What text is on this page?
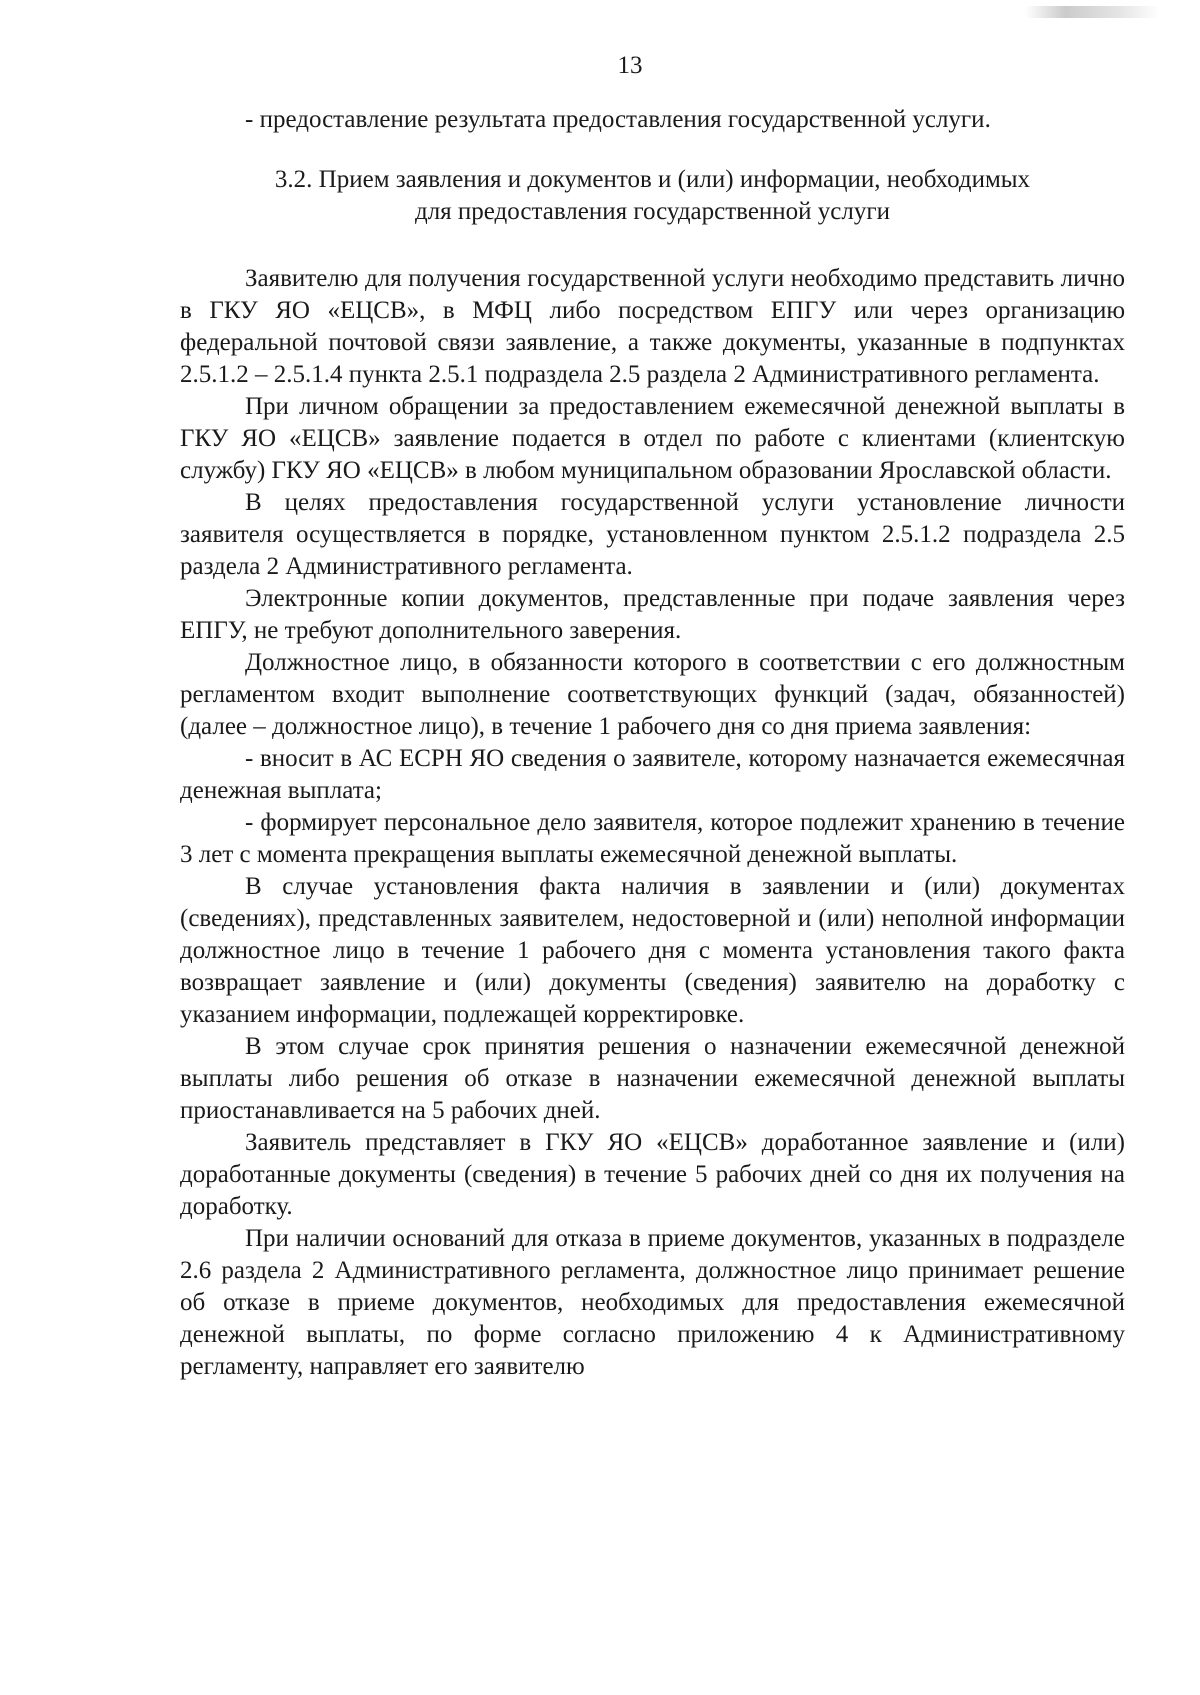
13

- предоставление результата предоставления государственной услуги.

3.2. Прием заявления и документов и (или) информации, необходимых
для предоставления государственной услуги

Заявителю для получения государственной услуги необходимо представить лично в ГКУ ЯО «ЕЦСВ», в МФЦ либо посредством ЕПГУ или через организацию федеральной почтовой связи заявление, а также документы, указанные в подпунктах 2.5.1.2 – 2.5.1.4 пункта 2.5.1 подраздела 2.5 раздела 2 Административного регламента.

При личном обращении за предоставлением ежемесячной денежной выплаты в ГКУ ЯО «ЕЦСВ» заявление подается в отдел по работе с клиентами (клиентскую службу) ГКУ ЯО «ЕЦСВ» в любом муниципальном образовании Ярославской области.

В целях предоставления государственной услуги установление личности заявителя осуществляется в порядке, установленном пунктом 2.5.1.2 подраздела 2.5 раздела 2 Административного регламента.

Электронные копии документов, представленные при подаче заявления через ЕПГУ, не требуют дополнительного заверения.

Должностное лицо, в обязанности которого в соответствии с его должностным регламентом входит выполнение соответствующих функций (задач, обязанностей) (далее – должностное лицо), в течение 1 рабочего дня со дня приема заявления:

- вносит в АС ЕСРН ЯО сведения о заявителе, которому назначается ежемесячная денежная выплата;

- формирует персональное дело заявителя, которое подлежит хранению в течение 3 лет с момента прекращения выплаты ежемесячной денежной выплаты.

В случае установления факта наличия в заявлении и (или) документах (сведениях), представленных заявителем, недостоверной и (или) неполной информации должностное лицо в течение 1 рабочего дня с момента установления такого факта возвращает заявление и (или) документы (сведения) заявителю на доработку с указанием информации, подлежащей корректировке.

В этом случае срок принятия решения о назначении ежемесячной денежной выплаты либо решения об отказе в назначении ежемесячной денежной выплаты приостанавливается на 5 рабочих дней.

Заявитель представляет в ГКУ ЯО «ЕЦСВ» доработанное заявление и (или) доработанные документы (сведения) в течение 5 рабочих дней со дня их получения на доработку.

При наличии оснований для отказа в приеме документов, указанных в подразделе 2.6 раздела 2 Административного регламента, должностное лицо принимает решение об отказе в приеме документов, необходимых для предоставления ежемесячной денежной выплаты, по форме согласно приложению 4 к Административному регламенту, направляет его заявителю
